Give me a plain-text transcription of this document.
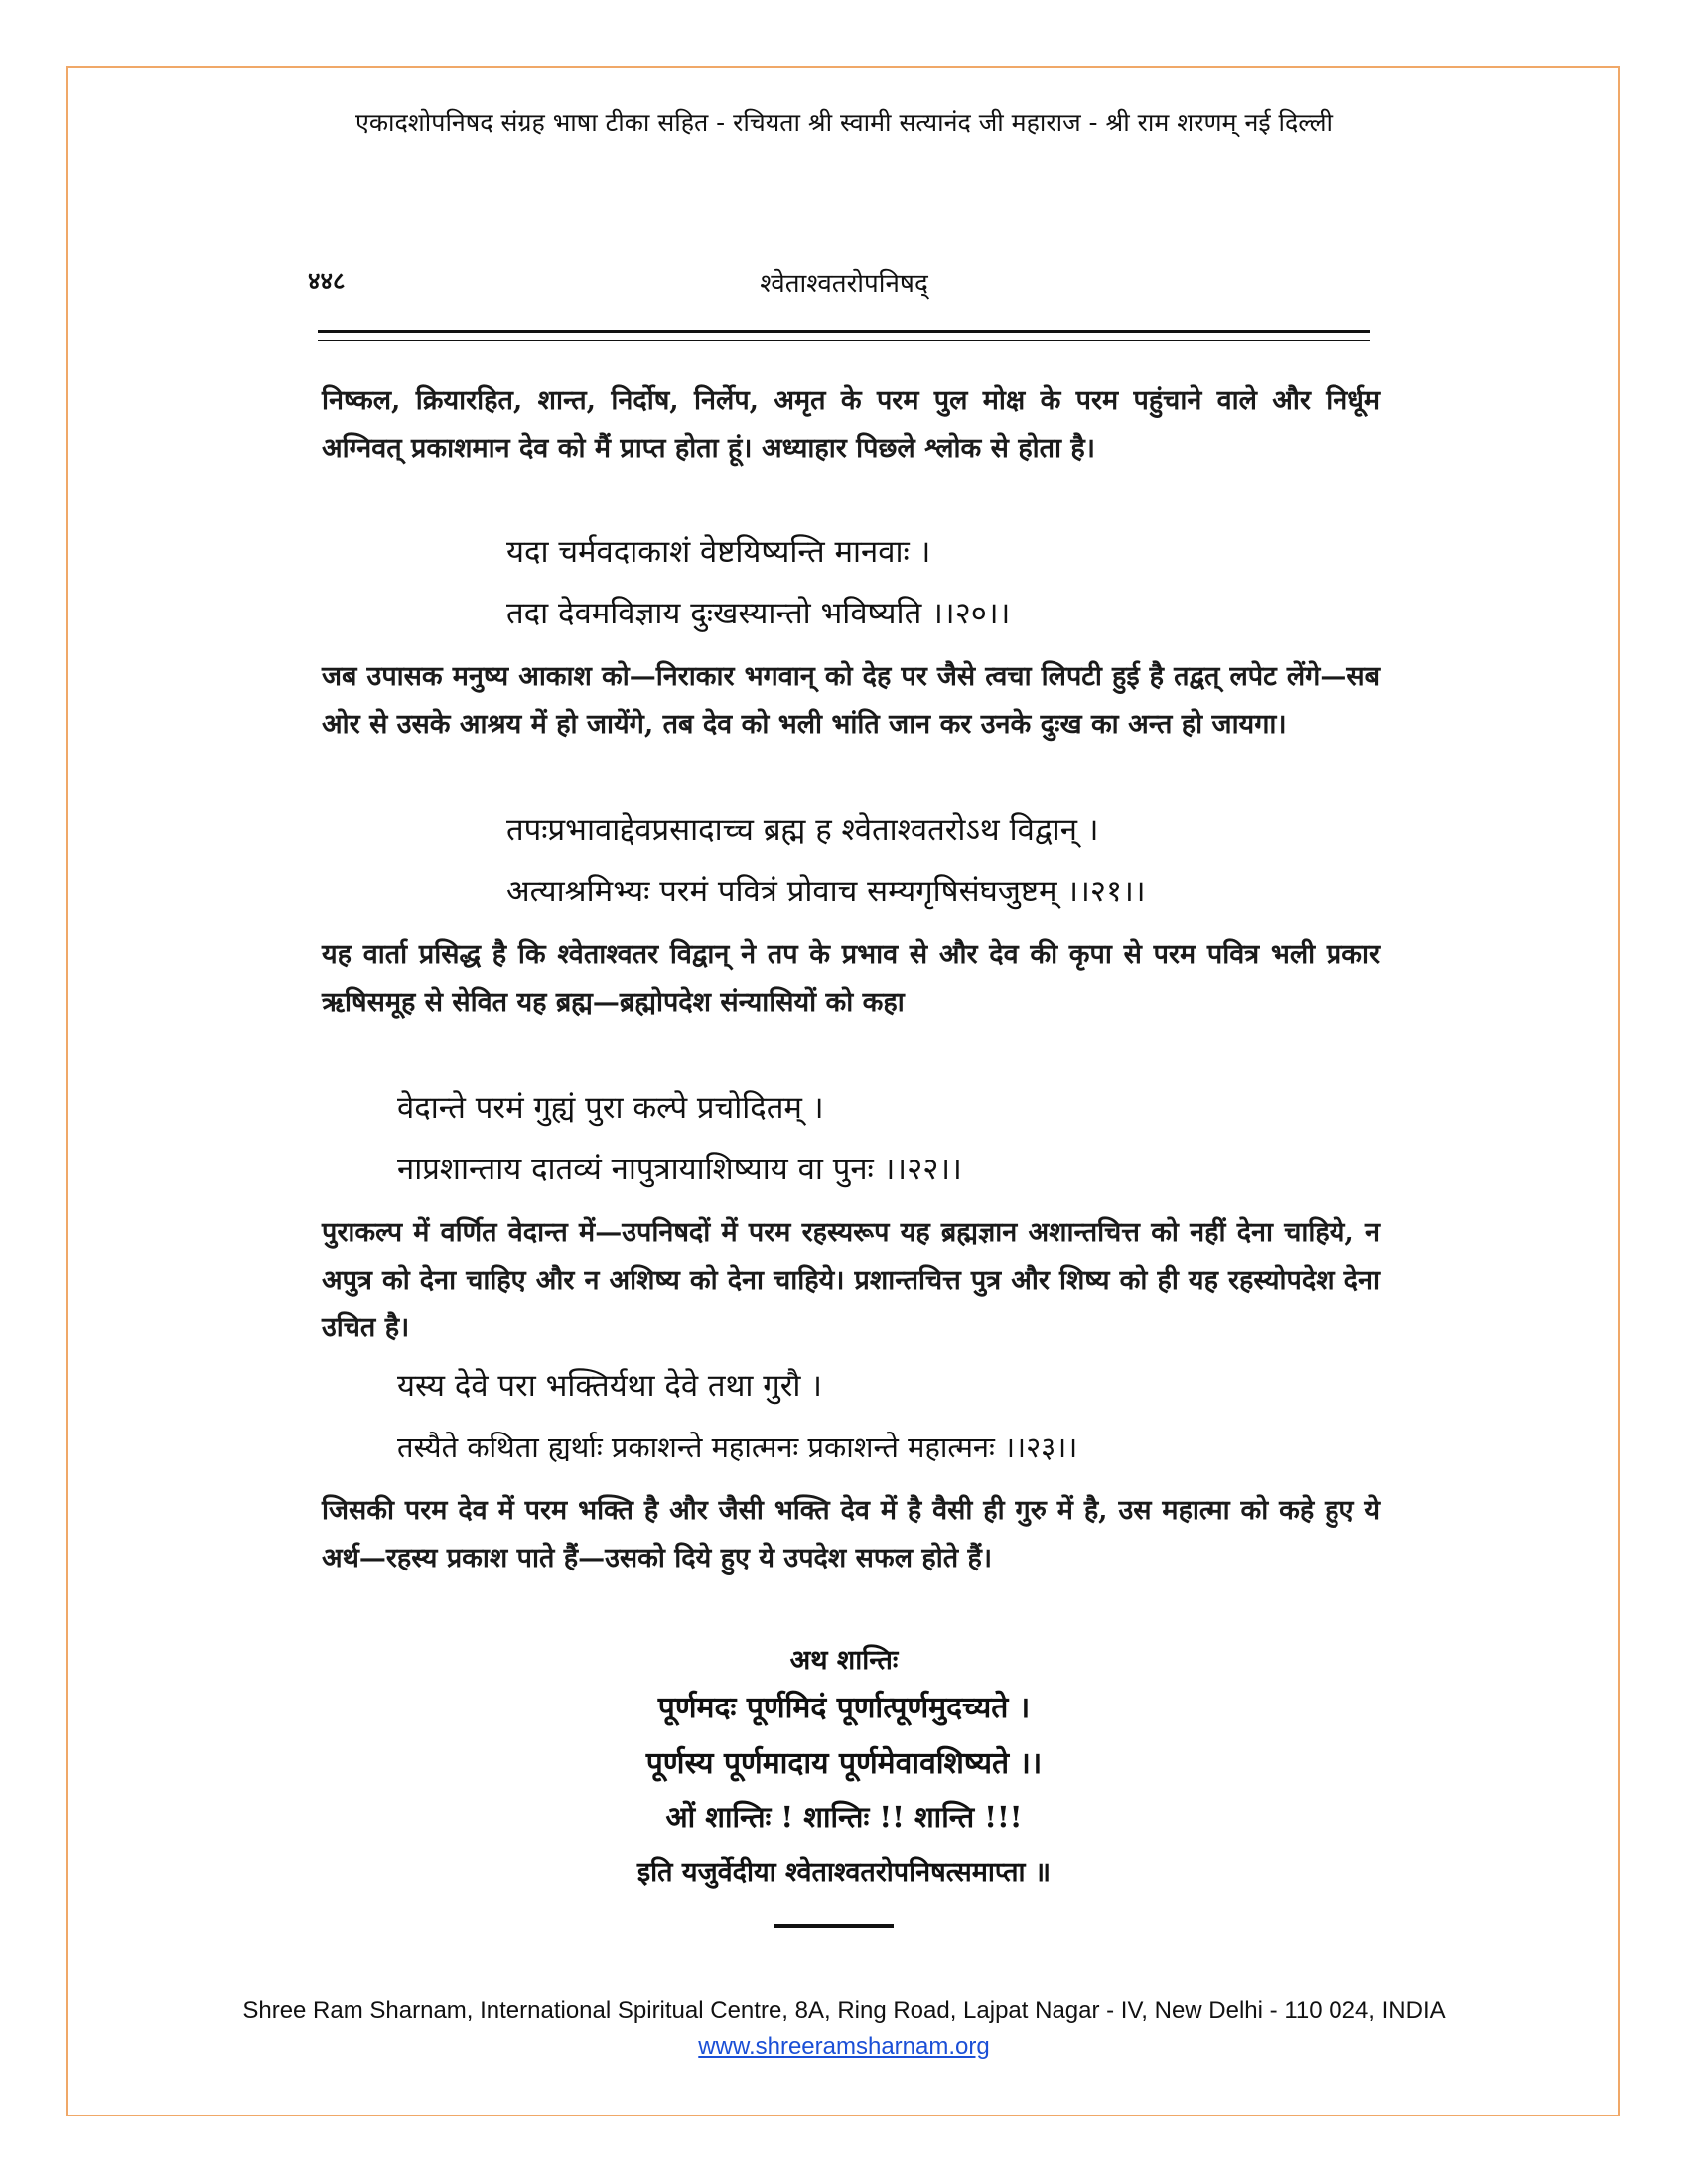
एकादशोपनिषद संग्रह भाषा टीका सहित - रचियता श्री स्वामी सत्यानंद जी महाराज - श्री राम शरणम् नई दिल्ली
४४८	श्वेताश्वतरोपनिषद्
निष्कल, क्रियारहित, शान्त, निर्दोष, निर्लेप, अमृत के परम पुल मोक्ष के परम पहुंचाने वाले और निर्धूम अग्निवत् प्रकाशमान देव को मैं प्राप्त होता हूं। अध्याहार पिछले श्लोक से होता है।
यदा चर्मवदाकाशं वेष्टयिष्यन्ति मानवाः ।
तदा देवमविज्ञाय दुःखस्यान्तो भविष्यति ।।२०।।
जब उपासक मनुष्य आकाश को—निराकार भगवान् को देह पर जैसे त्वचा लिपटी हुई है तद्वत् लपेट लेंगे—सब ओर से उसके आश्रय में हो जायेंगे, तब देव को भली भांति जान कर उनके दुःख का अन्त हो जायगा।
तपःप्रभावाद्देवप्रसादाच्च ब्रह्म ह श्वेताश्वतरोऽथ विद्वान् ।
अत्याश्रमिभ्यः परमं पवित्रं प्रोवाच सम्यगृषिसंघजुष्टम् ।।२१।।
यह वार्ता प्रसिद्ध है कि श्वेताश्वतर विद्वान् ने तप के प्रभाव से और देव की कृपा से परम पवित्र भली प्रकार ऋषिसमूह से सेवित यह ब्रह्म—ब्रह्मोपदेश संन्यासियों को कहा
वेदान्ते परमं गुह्यं पुरा कल्पे प्रचोदितम् ।
नाप्रशान्ताय दातव्यं नापुत्रायाशिष्याय वा पुनः ।।२२।।
पुराकल्प में वर्णित वेदान्त में—उपनिषदों में परम रहस्यरूप यह ब्रह्मज्ञान अशान्तचित्त को नहीं देना चाहिये, न अपुत्र को देना चाहिए और न अशिष्य को देना चाहिये। प्रशान्तचित्त पुत्र और शिष्य को ही यह रहस्योपदेश देना उचित है।
यस्य देवे परा भक्तिर्यथा देवे तथा गुरौ ।
तस्यैते कथिता ह्यर्थाः प्रकाशन्ते महात्मनः प्रकाशन्ते महात्मनः ।।२३।।
जिसकी परम देव में परम भक्ति है और जैसी भक्ति देव में है वैसी ही गुरु में है, उस महात्मा को कहे हुए ये अर्थ—रहस्य प्रकाश पाते हैं—उसको दिये हुए ये उपदेश सफल होते हैं।
अथ शान्तिः
पूर्णमदः पूर्णमिदं पूर्णात्पूर्णमुदच्यते ।
पूर्णस्य पूर्णमादाय पूर्णमेवावशिष्यते ।।
ओं शान्तिः ! शान्तिः !! शान्ति !!!
इति यजुर्वेदीया श्वेताश्वतरोपनिषत्समाप्ता ॥
Shree Ram Sharnam, International Spiritual Centre, 8A, Ring Road, Lajpat Nagar - IV, New Delhi - 110 024, INDIA
www.shreeramsharnam.org
